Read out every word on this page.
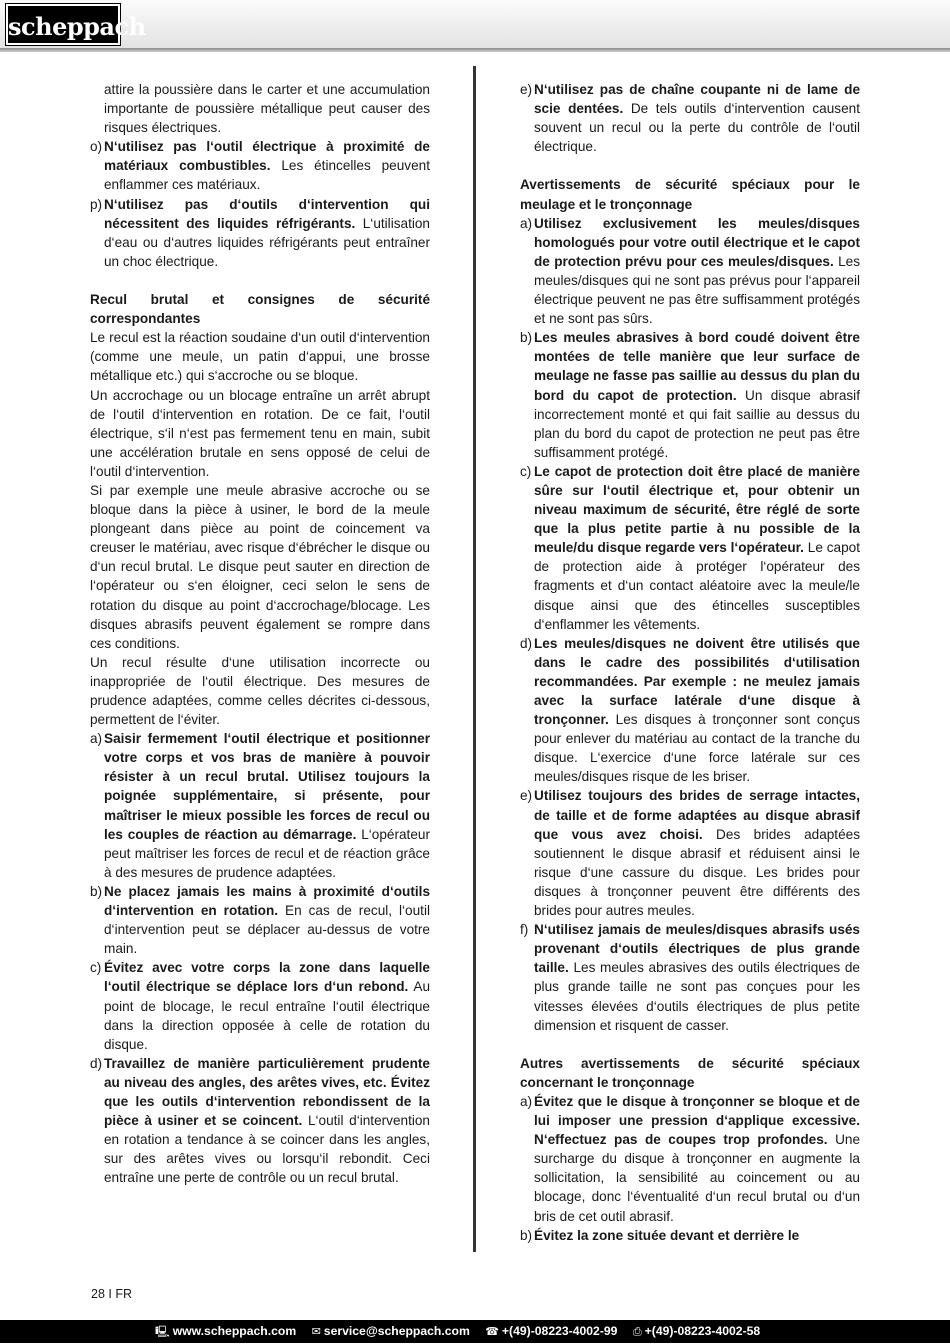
scheppach
attire la poussière dans le carter et une accumulation importante de poussière métallique peut causer des risques électriques.
o) N‘utilisez pas l‘outil électrique à proximité de matériaux combustibles. Les étincelles peuvent enflammer ces matériaux.
p) N‘utilisez pas d‘outils d‘intervention qui nécessitent des liquides réfrigérants. L‘utilisation d‘eau ou d‘autres liquides réfrigérants peut entraîner un choc électrique.

Recul brutal et consignes de sécurité correspondantes

Le recul est la réaction soudaine d‘un outil d‘intervention (comme une meule, un patin d‘appui, une brosse métallique etc.) qui s‘accroche ou se bloque.

Un accrochage ou un blocage entraîne un arrêt abrupt de l‘outil d‘intervention en rotation. De ce fait, l‘outil électrique, s‘il n‘est pas fermement tenu en main, subit une accélération brutale en sens opposé de celui de l‘outil d‘intervention.

Si par exemple une meule abrasive accroche ou se bloque dans la pièce à usiner, le bord de la meule plongeant dans pièce au point de coincement va creuser le matériau, avec risque d‘ébrécher le disque ou d‘un recul brutal. Le disque peut sauter en direction de l‘opérateur ou s‘en éloigner, ceci selon le sens de rotation du disque au point d‘accrochage/blocage. Les disques abrasifs peuvent également se rompre dans ces conditions.

Un recul résulte d‘une utilisation incorrecte ou inappropriée de l‘outil électrique. Des mesures de prudence adaptées, comme celles décrites ci-dessous, permettent de l‘éviter.

a) Saisir fermement l‘outil électrique et positionner votre corps et vos bras de manière à pouvoir résister à un recul brutal. Utilisez toujours la poignée supplémentaire, si présente, pour maîtriser le mieux possible les forces de recul ou les couples de réaction au démarrage. L‘opérateur peut maîtriser les forces de recul et de réaction grâce à des mesures de prudence adaptées.
b) Ne placez jamais les mains à proximité d‘outils d‘intervention en rotation. En cas de recul, l‘outil d‘intervention peut se déplacer au-dessus de votre main.
c) Évitez avec votre corps la zone dans laquelle l‘outil électrique se déplace lors d‘un rebond. Au point de blocage, le recul entraîne l‘outil électrique dans la direction opposée à celle de rotation du disque.
d) Travaillez de manière particulièrement prudente au niveau des angles, des arêtes vives, etc. Évitez que les outils d‘intervention rebondissent de la pièce à usiner et se coincent. L‘outil d‘intervention en rotation a tendance à se coincer dans les angles, sur des arêtes vives ou lorsqu‘il rebondit. Ceci entraîne une perte de contrôle ou un recul brutal.
e) N‘utilisez pas de chaîne coupante ni de lame de scie dentées. De tels outils d‘intervention causent souvent un recul ou la perte du contrôle de l‘outil électrique.

Avertissements de sécurité spéciaux pour le meulage et le tronçonnage

a) Utilisez exclusivement les meules/disques homologués pour votre outil électrique et le capot de protection prévu pour ces meules/disques. Les meules/disques qui ne sont pas prévus pour l‘appareil électrique peuvent ne pas être suffisamment protégés et ne sont pas sûrs.
b) Les meules abrasives à bord coudé doivent être montées de telle manière que leur surface de meulage ne fasse pas saillie au dessus du plan du bord du capot de protection. Un disque abrasif incorrectement monté et qui fait saillie au dessus du plan du bord du capot de protection ne peut pas être suffisamment protégé.
c) Le capot de protection doit être placé de manière sûre sur l‘outil électrique et, pour obtenir un niveau maximum de sécurité, être réglé de sorte que la plus petite partie à nu possible de la meule/du disque regarde vers l‘opérateur. Le capot de protection aide à protéger l‘opérateur des fragments et d‘un contact aléatoire avec la meule/le disque ainsi que des étincelles susceptibles d‘enflammer les vêtements.
d) Les meules/disques ne doivent être utilisés que dans le cadre des possibilités d‘utilisation recommandées. Par exemple : ne meulez jamais avec la surface latérale d‘une disque à tronçonner. Les disques à tronçonner sont conçus pour enlever du matériau au contact de la tranche du disque. L‘exercice d‘une force latérale sur ces meules/disques risque de les briser.
e) Utilisez toujours des brides de serrage intactes, de taille et de forme adaptées au disque abrasif que vous avez choisi. Des brides adaptées soutiennent le disque abrasif et réduisent ainsi le risque d‘une cassure du disque. Les brides pour disques à tronçonner peuvent être différents des brides pour autres meules.
f) N‘utilisez jamais de meules/disques abrasifs usés provenant d‘outils électriques de plus grande taille. Les meules abrasives des outils électriques de plus grande taille ne sont pas conçues pour les vitesses élevées d‘outils électriques de plus petite dimension et risquent de casser.

Autres avertissements de sécurité spéciaux concernant le tronçonnage

a) Évitez que le disque à tronçonner se bloque et de lui imposer une pression d‘applique excessive. N‘effectuez pas de coupes trop profondes. Une surcharge du disque à tronçonner en augmente la sollicitation, la sensibilité au coincement ou au blocage, donc l‘éventualité d‘un recul brutal ou d‘un bris de cet outil abrasif.
b) Évitez la zone située devant et derrière le
28 I FR
🖳 www.scheppach.com ✉ service@scheppach.com ☎ +(49)-08223-4002-99 ⎙ +(49)-08223-4002-58
